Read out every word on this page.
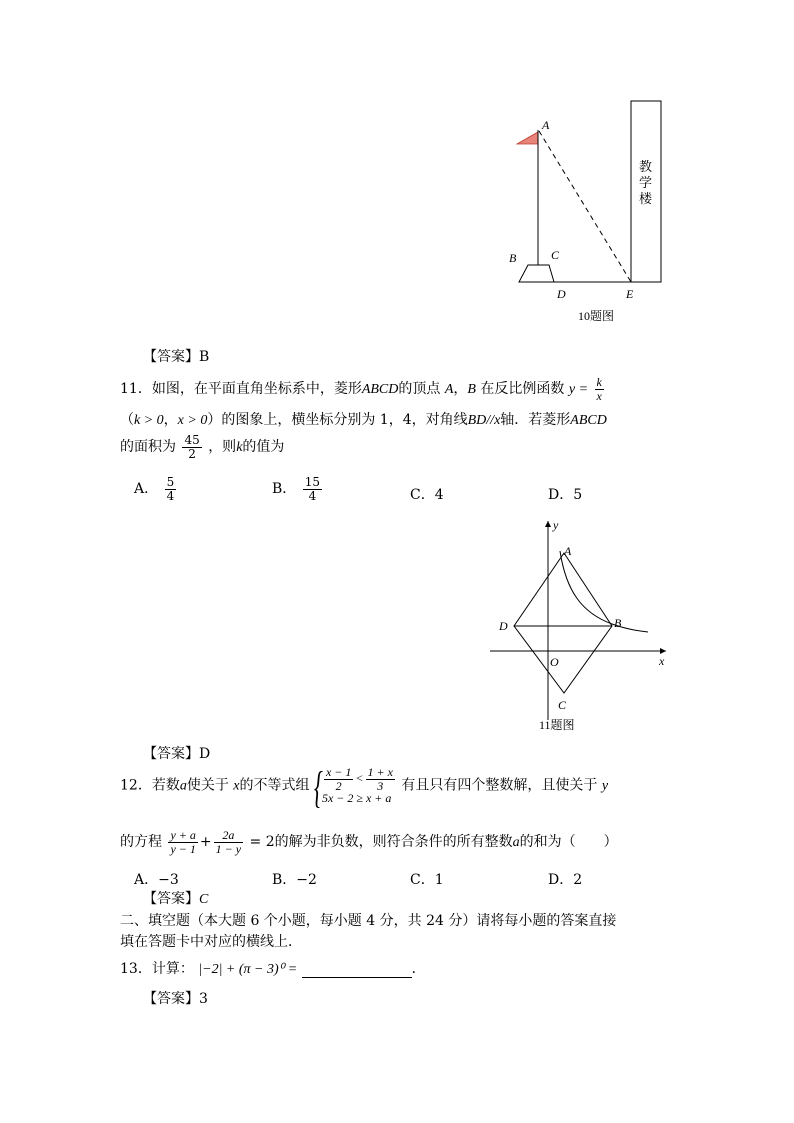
A
B	C
D	E
教
学
楼
10题图
【答案】B
11．如图，在平面直角坐标系中，菱形ABCD的顶点 A，B 在反比例函数 $y = \frac{k}{x}$
（k > 0，x > 0）的图象上，横坐标分别为 1，4，对角线BD//x轴．若菱形ABCD
的面积为 $\frac{45}{2}$ ，则k的值为
A． $\frac{5}{4}$	B． $\frac{15}{4}$	C．4	D．5
y
x
O
A
B
C
D
11题图
【答案】D
12．若数a使关于 x的不等式组 { $\frac{x - 1}{2} < \frac{1 + x}{3}$
5x − 2 ≥ x + a
有且只有四个整数解，且使关于 y
的方程 $\frac{y + a}{y - 1} + \frac{2a}{1 - y} = 2$的解为非负数，则符合条件的所有整数a的和为（　　）
A．−3	B．−2	C．1	D．2
【答案】C
二、填空题（本大题 6 个小题，每小题 4 分，共 24 分）请将每小题的答案直接
填在答题卡中对应的横线上．
13．计算： |−2| + (π − 3)⁰ =	．
【答案】3
